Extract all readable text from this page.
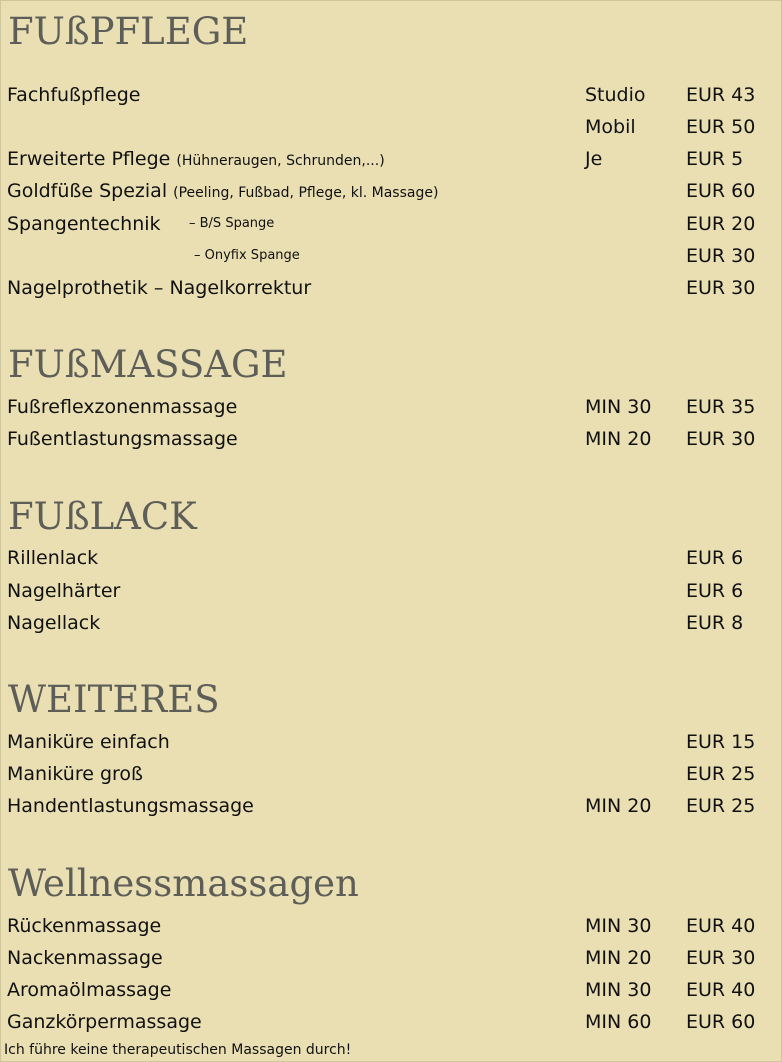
FUßPFLEGE
Fachfußpflege	Studio EUR 43
Mobil	EUR 50
Erweiterte Pflege (Hühneraugen, Schrunden,...)	Je	EUR 5
Goldfüße Spezial (Peeling, Fußbad, Pflege, kl. Massage)	EUR 60
Spangentechnik – B/S Spange	EUR 20
– Onyfix Spange	EUR 30
Nagelprothetik – Nagelkorrektur	EUR 30
FUßMASSAGE
Fußreflexzonenmassage	MIN 30 EUR 35
Fußentlastungsmassage	MIN 20 EUR 30
FUßLACK
Rillenlack	EUR 6
Nagelhärter	EUR 6
Nagellack	EUR 8
WEITERES
Maniküre einfach	EUR 15
Maniküre groß	EUR 25
Handentlastungsmassage	MIN 20 EUR 25
Wellnessmassagen
Rückenmassage	MIN 30 EUR 40
Nackenmassage	MIN 20 EUR 30
Aromaölmassage	MIN 30 EUR 40
Ganzkörpermassage	MIN 60 EUR 60
Ich führe keine therapeutischen Massagen durch!
